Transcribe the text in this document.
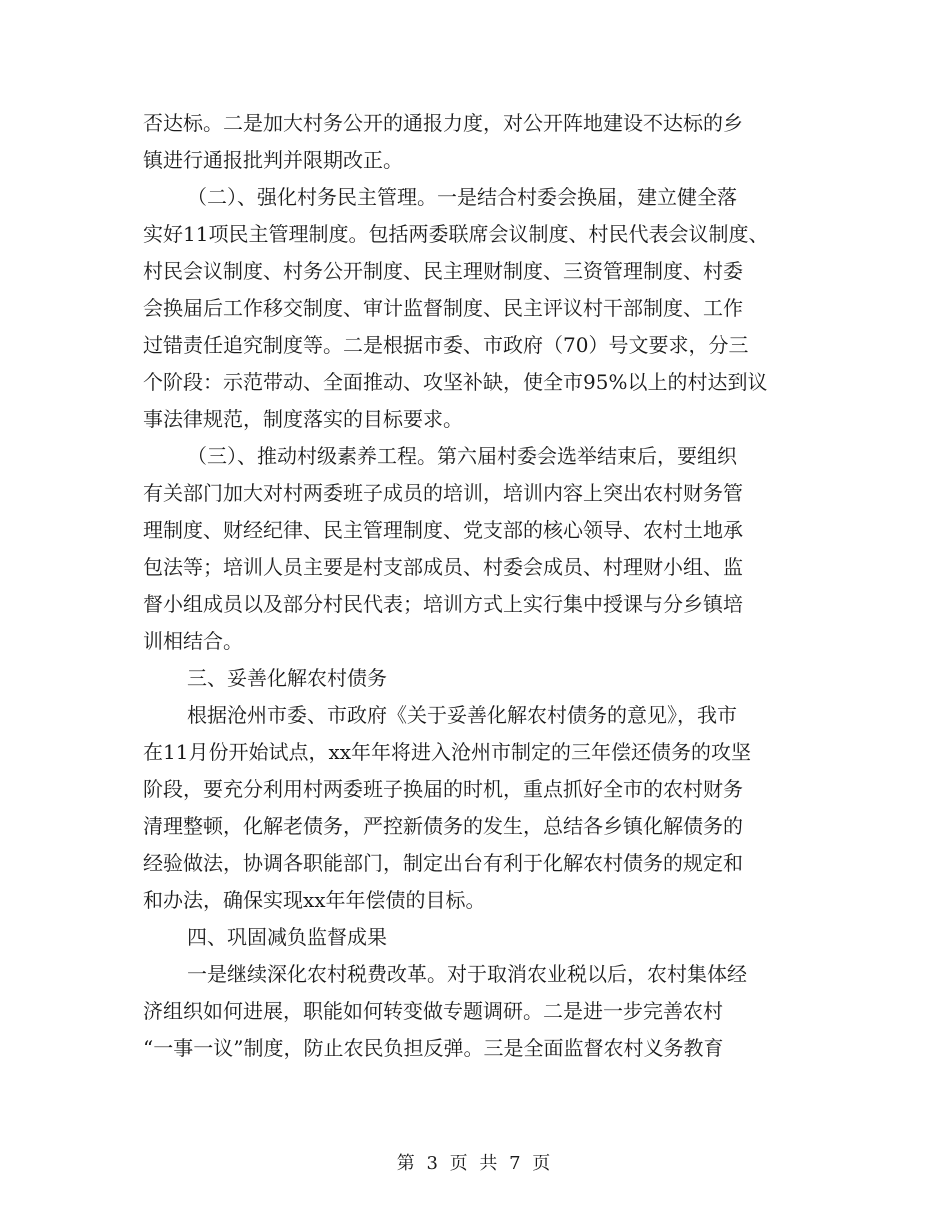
否达标。二是加大村务公开的通报力度，对公开阵地建设不达标的乡
镇进行通报批判并限期改正。
（二）、强化村务民主管理。一是结合村委会换届，建立健全落
实好11项民主管理制度。包括两委联席会议制度、村民代表会议制度、
村民会议制度、村务公开制度、民主理财制度、三资管理制度、村委
会换届后工作移交制度、审计监督制度、民主评议村干部制度、工作
过错责任追究制度等。二是根据市委、市政府（70）号文要求，分三
个阶段：示范带动、全面推动、攻坚补缺，使全市95%以上的村达到议
事法律规范，制度落实的目标要求。
（三）、推动村级素养工程。第六届村委会选举结束后，要组织
有关部门加大对村两委班子成员的培训，培训内容上突出农村财务管
理制度、财经纪律、民主管理制度、党支部的核心领导、农村土地承
包法等；培训人员主要是村支部成员、村委会成员、村理财小组、监
督小组成员以及部分村民代表；培训方式上实行集中授课与分乡镇培
训相结合。
三、妥善化解农村债务
根据沧州市委、市政府《关于妥善化解农村债务的意见》，我市
在11月份开始试点，xx年年将进入沧州市制定的三年偿还债务的攻坚
阶段，要充分利用村两委班子换届的时机，重点抓好全市的农村财务
清理整顿，化解老债务，严控新债务的发生，总结各乡镇化解债务的
经验做法，协调各职能部门，制定出台有利于化解农村债务的规定和
和办法，确保实现xx年年偿债的目标。
四、巩固减负监督成果
一是继续深化农村税费改革。对于取消农业税以后，农村集体经
济组织如何进展，职能如何转变做专题调研。二是进一步完善农村
“一事一议”制度，防止农民负担反弹。三是全面监督农村义务教育
第 3 页 共 7 页
